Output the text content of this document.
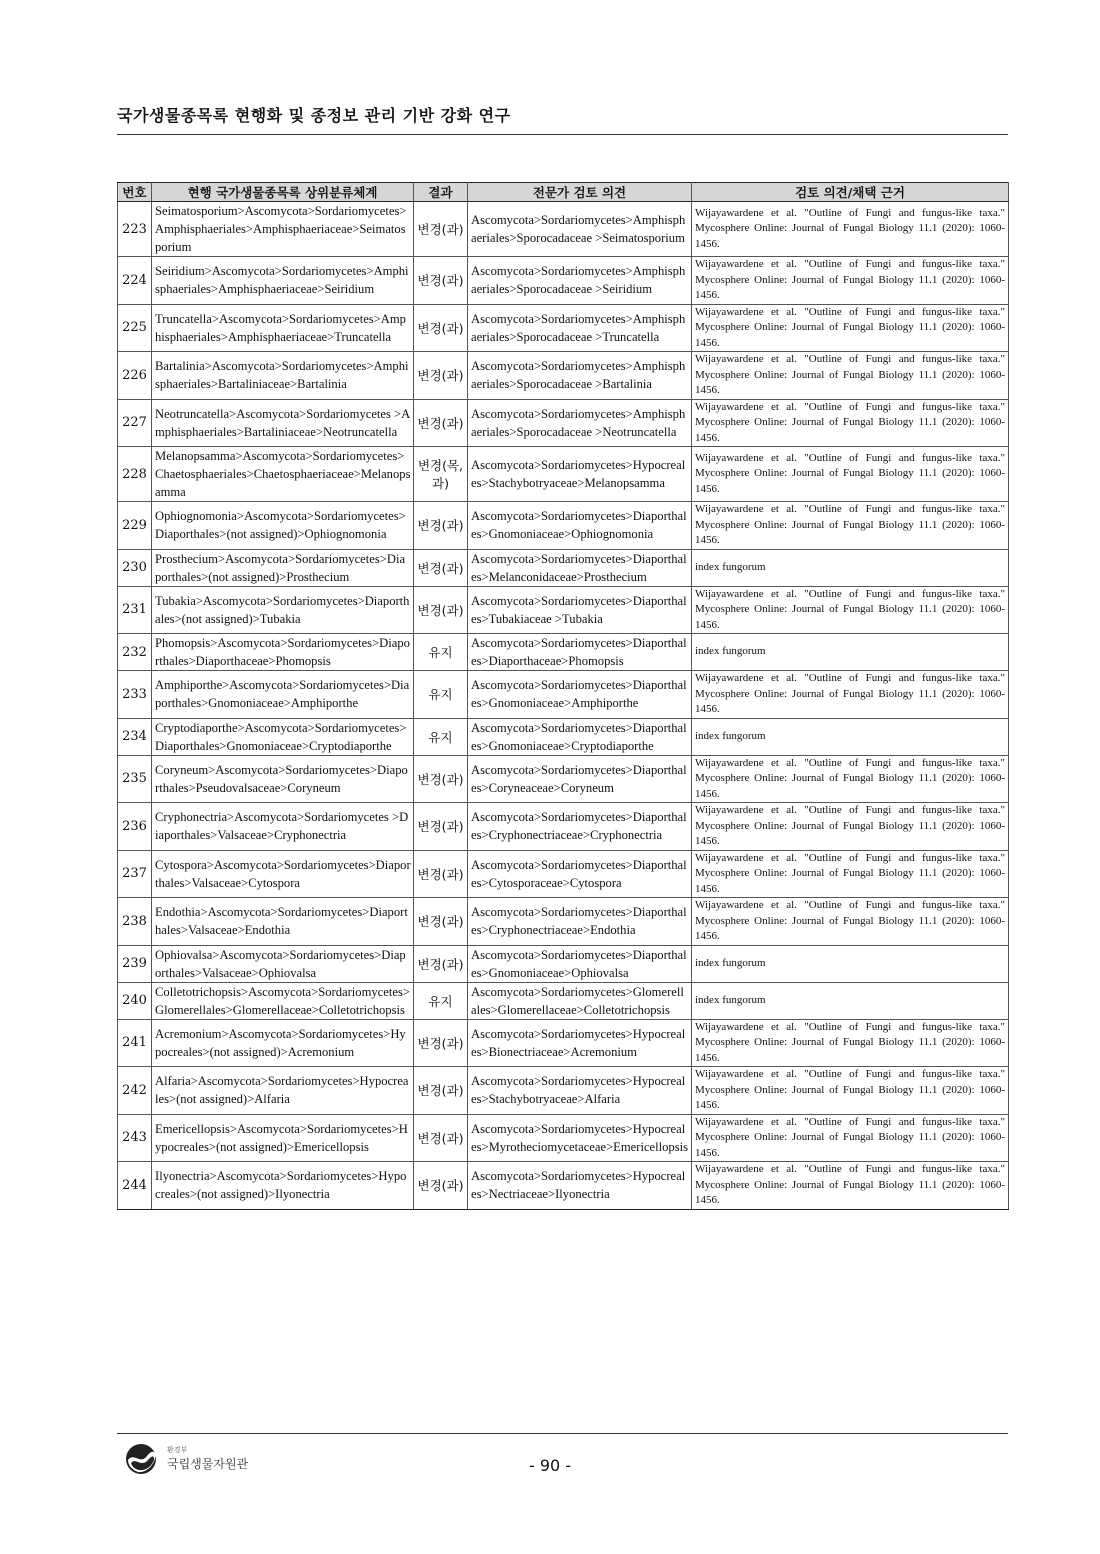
국가생물종목록 현행화 및 종정보 관리 기반 강화 연구
번호	현행 국가생물종목록 상위분류체계	결과	전문가 검토 의견	검토 의견/채택 근거
223	Seimatosporium>Ascomycota>Sordariomycetes>Amphisphaeriales>Amphisphaeriaceae>Seimatosporium	변경(과)	Ascomycota>Sordariomycetes>Amphisphaeriales>Sporocadaceae >Seimatosporium	Wijayawardene et al. "Outline of Fungi and fungus-like taxa." Mycosphere Online: Journal of Fungal Biology 11.1 (2020): 1060-1456.
224	Seiridium>Ascomycota>Sordariomycetes>Amphisphaeriales>Amphisphaeriaceae>Seiridium	변경(과)	Ascomycota>Sordariomycetes>Amphisphaeriales>Sporocadaceae >Seiridium	Wijayawardene et al. "Outline of Fungi and fungus-like taxa." Mycosphere Online: Journal of Fungal Biology 11.1 (2020): 1060-1456.
225	Truncatella>Ascomycota>Sordariomycetes>Amphisphaeriales>Amphisphaeriaceae>Truncatella	변경(과)	Ascomycota>Sordariomycetes>Amphisphaeriales>Sporocadaceae >Truncatella	Wijayawardene et al. "Outline of Fungi and fungus-like taxa." Mycosphere Online: Journal of Fungal Biology 11.1 (2020): 1060-1456.
226	Bartalinia>Ascomycota>Sordariomycetes>Amphisphaeriales>Bartaliniaceae>Bartalinia	변경(과)	Ascomycota>Sordariomycetes>Amphisphaeriales>Sporocadaceae >Bartalinia	Wijayawardene et al. "Outline of Fungi and fungus-like taxa." Mycosphere Online: Journal of Fungal Biology 11.1 (2020): 1060-1456.
227	Neotruncatella>Ascomycota>Sordariomycetes >Amphisphaeriales>Bartaliniaceae>Neotruncatella	변경(과)	Ascomycota>Sordariomycetes>Amphisphaeriales>Sporocadaceae >Neotruncatella	Wijayawardene et al. "Outline of Fungi and fungus-like taxa." Mycosphere Online: Journal of Fungal Biology 11.1 (2020): 1060-1456.
228	Melanopsamma>Ascomycota>Sordariomycetes>Chaetosphaeriales>Chaetosphaeriaceae>Melanopsamma	변경(목,과)	Ascomycota>Sordariomycetes>Hypocreales>Stachybotryaceae>Melanopsamma	Wijayawardene et al. "Outline of Fungi and fungus-like taxa." Mycosphere Online: Journal of Fungal Biology 11.1 (2020): 1060-1456.
229	Ophiognomonia>Ascomycota>Sordariomycetes>Diaporthales>(not assigned)>Ophiognomonia	변경(과)	Ascomycota>Sordariomycetes>Diaporthales>Gnomoniaceae>Ophiognomonia	Wijayawardene et al. "Outline of Fungi and fungus-like taxa." Mycosphere Online: Journal of Fungal Biology 11.1 (2020): 1060-1456.
230	Prosthecium>Ascomycota>Sordariomycetes>Diaporthales>(not assigned)>Prosthecium	변경(과)	Ascomycota>Sordariomycetes>Diaporthales>Melanconidaceae>Prosthecium	index fungorum
231	Tubakia>Ascomycota>Sordariomycetes>Diaporthales>(not assigned)>Tubakia	변경(과)	Ascomycota>Sordariomycetes>Diaporthales>Tubakiaceae >Tubakia	Wijayawardene et al. "Outline of Fungi and fungus-like taxa." Mycosphere Online: Journal of Fungal Biology 11.1 (2020): 1060-1456.
232	Phomopsis>Ascomycota>Sordariomycetes>Diaporthales>Diaporthaceae>Phomopsis	유지	Ascomycota>Sordariomycetes>Diaporthales>Diaporthaceae>Phomopsis	index fungorum
233	Amphiporthe>Ascomycota>Sordariomycetes>Diaporthales>Gnomoniaceae>Amphiporthe	유지	Ascomycota>Sordariomycetes>Diaporthales>Gnomoniaceae>Amphiporthe	Wijayawardene et al. "Outline of Fungi and fungus-like taxa." Mycosphere Online: Journal of Fungal Biology 11.1 (2020): 1060-1456.
234	Cryptodiaporthe>Ascomycota>Sordariomycetes>Diaporthales>Gnomoniaceae>Cryptodiaporthe	유지	Ascomycota>Sordariomycetes>Diaporthales>Gnomoniaceae>Cryptodiaporthe	index fungorum
235	Coryneum>Ascomycota>Sordariomycetes>Diaporthales>Pseudovalsaceae>Coryneum	변경(과)	Ascomycota>Sordariomycetes>Diaporthales>Coryneaceae>Coryneum	Wijayawardene et al. "Outline of Fungi and fungus-like taxa." Mycosphere Online: Journal of Fungal Biology 11.1 (2020): 1060-1456.
236	Cryphonectria>Ascomycota>Sordariomycetes >Diaporthales>Valsaceae>Cryphonectria	변경(과)	Ascomycota>Sordariomycetes>Diaporthales>Cryphonectriaceae>Cryphonectria	Wijayawardene et al. "Outline of Fungi and fungus-like taxa." Mycosphere Online: Journal of Fungal Biology 11.1 (2020): 1060-1456.
237	Cytospora>Ascomycota>Sordariomycetes>Diaporthales>Valsaceae>Cytospora	변경(과)	Ascomycota>Sordariomycetes>Diaporthales>Cytosporaceae>Cytospora	Wijayawardene et al. "Outline of Fungi and fungus-like taxa." Mycosphere Online: Journal of Fungal Biology 11.1 (2020): 1060-1456.
238	Endothia>Ascomycota>Sordariomycetes>Diaporthales>Valsaceae>Endothia	변경(과)	Ascomycota>Sordariomycetes>Diaporthales>Cryphonectriaceae>Endothia	Wijayawardene et al. "Outline of Fungi and fungus-like taxa." Mycosphere Online: Journal of Fungal Biology 11.1 (2020): 1060-1456.
239	Ophiovalsa>Ascomycota>Sordariomycetes>Diaporthales>Valsaceae>Ophiovalsa	변경(과)	Ascomycota>Sordariomycetes>Diaporthales>Gnomoniaceae>Ophiovalsa	index fungorum
240	Colletotrichopsis>Ascomycota>Sordariomycetes>Glomerellales>Glomerellaceae>Colletotrichopsis	유지	Ascomycota>Sordariomycetes>Glomerellales>Glomerellaceae>Colletotrichopsis	index fungorum
241	Acremonium>Ascomycota>Sordariomycetes>Hypocreales>(not assigned)>Acremonium	변경(과)	Ascomycota>Sordariomycetes>Hypocreales>Bionectriaceae>Acremonium	Wijayawardene et al. "Outline of Fungi and fungus-like taxa." Mycosphere Online: Journal of Fungal Biology 11.1 (2020): 1060-1456.
242	Alfaria>Ascomycota>Sordariomycetes>Hypocreales>(not assigned)>Alfaria	변경(과)	Ascomycota>Sordariomycetes>Hypocreales>Stachybotryaceae>Alfaria	Wijayawardene et al. "Outline of Fungi and fungus-like taxa." Mycosphere Online: Journal of Fungal Biology 11.1 (2020): 1060-1456.
243	Emericellopsis>Ascomycota>Sordariomycetes>Hypocreales>(not assigned)>Emericellopsis	변경(과)	Ascomycota>Sordariomycetes>Hypocreales>Myrotheciomycetaceae>Emericellopsis	Wijayawardene et al. "Outline of Fungi and fungus-like taxa." Mycosphere Online: Journal of Fungal Biology 11.1 (2020): 1060-1456.
244	Ilyonectria>Ascomycota>Sordariomycetes>Hypocreales>(not assigned)>Ilyonectria	변경(과)	Ascomycota>Sordariomycetes>Hypocreales>Nectriaceae>Ilyonectria	Wijayawardene et al. "Outline of Fungi and fungus-like taxa." Mycosphere Online: Journal of Fungal Biology 11.1 (2020): 1060-1456.
환경부
국립생물자원관	- 90 -
